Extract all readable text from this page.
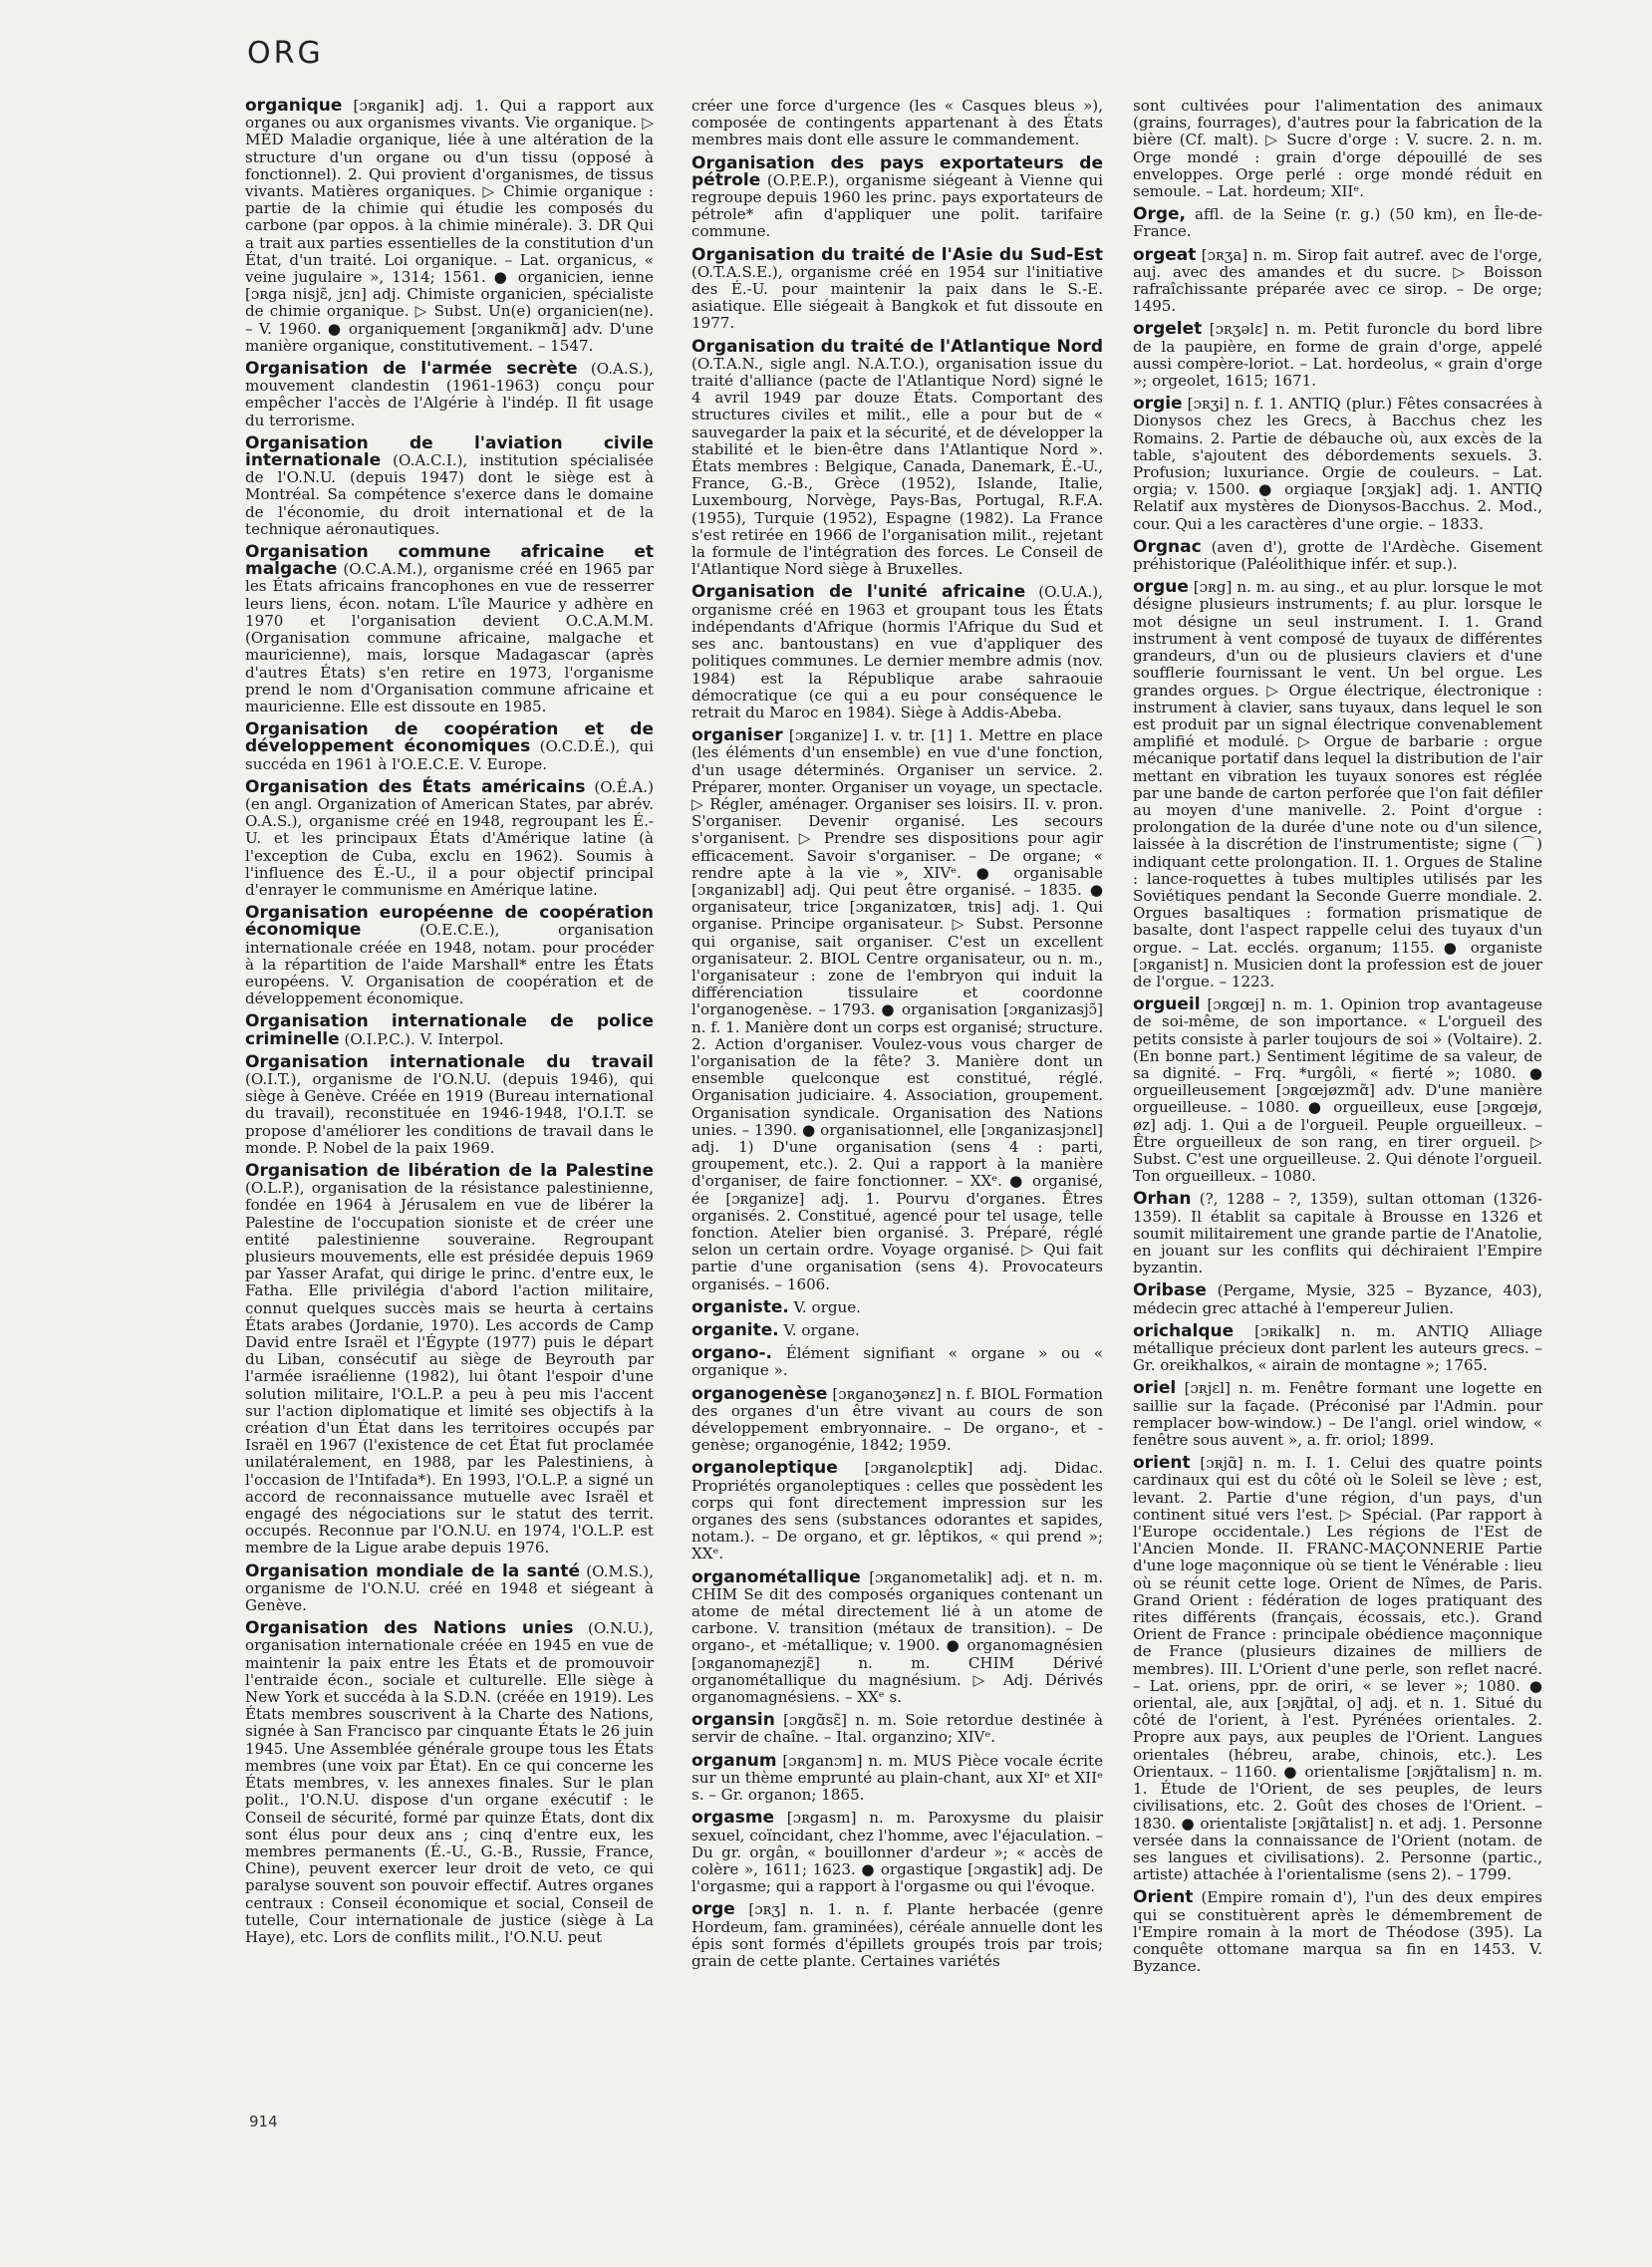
ORG

organique [ɔʀganik] adj. 1. Qui a rapport aux organes ou aux organismes vivants. Vie organique. ▷ MÉD Maladie organique, liée à une altération de la structure d'un organe ou d'un tissu (opposé à fonctionnel). 2. Qui provient d'organismes, de tissus vivants. Matières organiques. ▷ Chimie organique : partie de la chimie qui étudie les composés du carbone (par oppos. à la chimie minérale). 3. DR Qui a trait aux parties essentielles de la constitution d'un État, d'un traité. Loi organique. – Lat. organicus, « veine jugulaire », 1314; 1561. ● organicien, ienne [ɔʀga nisjɛ̃, jɛn] adj. Chimiste organicien, spécialiste de chimie organique. ▷ Subst. Un(e) organicien(ne). – V. 1960. ● organiquement [ɔʀganikmɑ̃] adv. D'une manière organique, constitutivement. – 1547.

Organisation de l'armée secrète (O.A.S.), mouvement clandestin (1961-1963) conçu pour empêcher l'accès de l'Algérie à l'indép. Il fit usage du terrorisme.

Organisation de l'aviation civile internationale (O.A.C.I.), institution spécialisée de l'O.N.U. (depuis 1947) dont le siège est à Montréal. Sa compétence s'exerce dans le domaine de l'économie, du droit international et de la technique aéronautiques.

Organisation commune africaine et malgache (O.C.A.M.), organisme créé en 1965 par les États africains francophones en vue de resserrer leurs liens, écon. notam. L'île Maurice y adhère en 1970 et l'organisation devient O.C.A.M.M. (Organisation commune africaine, malgache et mauricienne), mais, lorsque Madagascar (après d'autres États) s'en retire en 1973, l'organisme prend le nom d'Organisation commune africaine et mauricienne. Elle est dissoute en 1985.

Organisation de coopération et de développement économiques (O.C.D.É.), qui succéda en 1961 à l'O.E.C.E. V. Europe.

Organisation des États américains (O.É.A.) (en angl. Organization of American States, par abrév. O.A.S.), organisme créé en 1948, regroupant les É.-U. et les principaux États d'Amérique latine (à l'exception de Cuba, exclu en 1962). Soumis à l'influence des É.-U., il a pour objectif principal d'enrayer le communisme en Amérique latine.

Organisation européenne de coopération économique (O.E.C.E.), organisation internationale créée en 1948, notam. pour procéder à la répartition de l'aide Marshall* entre les États européens. V. Organisation de coopération et de développement économique.

Organisation internationale de police criminelle (O.I.P.C.). V. Interpol.

Organisation internationale du travail (O.I.T.), organisme de l'O.N.U. (depuis 1946), qui siège à Genève. Créée en 1919 (Bureau international du travail), reconstituée en 1946-1948, l'O.I.T. se propose d'améliorer les conditions de travail dans le monde. P. Nobel de la paix 1969.

Organisation de libération de la Palestine (O.L.P.), organisation de la résistance palestinienne, fondée en 1964 à Jérusalem en vue de libérer la Palestine de l'occupation sioniste et de créer une entité palestinienne souveraine. Regroupant plusieurs mouvements, elle est présidée depuis 1969 par Yasser Arafat, qui dirige le princ. d'entre eux, le Fatha. Elle privilégia d'abord l'action militaire, connut quelques succès mais se heurta à certains États arabes (Jordanie, 1970). Les accords de Camp David entre Israël et l'Égypte (1977) puis le départ du Liban, consécutif au siège de Beyrouth par l'armée israélienne (1982), lui ôtant l'espoir d'une solution militaire, l'O.L.P. a peu à peu mis l'accent sur l'action diplomatique et limité ses objectifs à la création d'un État dans les territoires occupés par Israël en 1967 (l'existence de cet État fut proclamée unilatéralement, en 1988, par les Palestiniens, à l'occasion de l'Intifada*). En 1993, l'O.L.P. a signé un accord de reconnaissance mutuelle avec Israël et engagé des négociations sur le statut des territ. occupés. Reconnue par l'O.N.U. en 1974, l'O.L.P. est membre de la Ligue arabe depuis 1976.

Organisation mondiale de la santé (O.M.S.), organisme de l'O.N.U. créé en 1948 et siégeant à Genève.

Organisation des Nations unies (O.N.U.), organisation internationale créée en 1945 en vue de maintenir la paix entre les États et de promouvoir l'entraide écon., sociale et culturelle. Elle siège à New York et succéda à la S.D.N. (créée en 1919). Les États membres souscrivent à la Charte des Nations, signée à San Francisco par cinquante États le 26 juin 1945. Une Assemblée générale groupe tous les États membres (une voix par État). En ce qui concerne les États membres, v. les annexes finales. Sur le plan polit., l'O.N.U. dispose d'un organe exécutif : le Conseil de sécurité, formé par quinze États, dont dix sont élus pour deux ans ; cinq d'entre eux, les membres permanents (É.-U., G.-B., Russie, France, Chine), peuvent exercer leur droit de veto, ce qui paralyse souvent son pouvoir effectif. Autres organes centraux : Conseil économique et social, Conseil de tutelle, Cour internationale de justice (siège à La Haye), etc. Lors de conflits milit., l'O.N.U. peut

créer une force d'urgence (les « Casques bleus »), composée de contingents appartenant à des États membres mais dont elle assure le commandement.

Organisation des pays exportateurs de pétrole (O.P.E.P.), organisme siégeant à Vienne qui regroupe depuis 1960 les princ. pays exportateurs de pétrole* afin d'appliquer une polit. tarifaire commune.

Organisation du traité de l'Asie du Sud-Est (O.T.A.S.E.), organisme créé en 1954 sur l'initiative des É.-U. pour maintenir la paix dans le S.-E. asiatique. Elle siégeait à Bangkok et fut dissoute en 1977.

Organisation du traité de l'Atlantique Nord (O.T.A.N., sigle angl. N.A.T.O.), organisation issue du traité d'alliance (pacte de l'Atlantique Nord) signé le 4 avril 1949 par douze États. Comportant des structures civiles et milit., elle a pour but de « sauvegarder la paix et la sécurité, et de développer la stabilité et le bien-être dans l'Atlantique Nord ». États membres : Belgique, Canada, Danemark, É.-U., France, G.-B., Grèce (1952), Islande, Italie, Luxembourg, Norvège, Pays-Bas, Portugal, R.F.A. (1955), Turquie (1952), Espagne (1982). La France s'est retirée en 1966 de l'organisation milit., rejetant la formule de l'intégration des forces. Le Conseil de l'Atlantique Nord siège à Bruxelles.

Organisation de l'unité africaine (O.U.A.), organisme créé en 1963 et groupant tous les États indépendants d'Afrique (hormis l'Afrique du Sud et ses anc. bantoustans) en vue d'appliquer des politiques communes. Le dernier membre admis (nov. 1984) est la République arabe sahraouie démocratique (ce qui a eu pour conséquence le retrait du Maroc en 1984). Siège à Addis-Abeba.

organiser [ɔʀganize] I. v. tr. [1] 1. Mettre en place (les éléments d'un ensemble) en vue d'une fonction, d'un usage déterminés. Organiser un service. 2. Préparer, monter. Organiser un voyage, un spectacle. ▷ Régler, aménager. Organiser ses loisirs. II. v. pron. S'organiser. Devenir organisé. Les secours s'organisent. ▷ Prendre ses dispositions pour agir efficacement. Savoir s'organiser. – De organe; « rendre apte à la vie », XIVᵉ. ● organisable [ɔʀganizabl] adj. Qui peut être organisé. – 1835. ● organisateur, trice [ɔʀganizatœʀ, tʀis] adj. 1. Qui organise. Principe organisateur. ▷ Subst. Personne qui organise, sait organiser. C'est un excellent organisateur. 2. BIOL Centre organisateur, ou n. m., l'organisateur : zone de l'embryon qui induit la différenciation tissulaire et coordonne l'organogenèse. – 1793. ● organisation [ɔʀganizasjɔ̃] n. f. 1. Manière dont un corps est organisé; structure. 2. Action d'organiser. Voulez-vous vous charger de l'organisation de la fête? 3. Manière dont un ensemble quelconque est constitué, réglé. Organisation judiciaire. 4. Association, groupement. Organisation syndicale. Organisation des Nations unies. – 1390. ● organisationnel, elle [ɔʀganizasjɔnɛl] adj. 1) D'une organisation (sens 4 : parti, groupement, etc.). 2. Qui a rapport à la manière d'organiser, de faire fonctionner. – XXᵉ. ● organisé, ée [ɔʀganize] adj. 1. Pourvu d'organes. Êtres organisés. 2. Constitué, agencé pour tel usage, telle fonction. Atelier bien organisé. 3. Préparé, réglé selon un certain ordre. Voyage organisé. ▷ Qui fait partie d'une organisation (sens 4). Provocateurs organisés. – 1606.

organiste. V. orgue.

organite. V. organe.

organo-. Élément signifiant « organe » ou « organique ».

organogenèse [ɔʀganoʒənɛz] n. f. BIOL Formation des organes d'un être vivant au cours de son développement embryonnaire. – De organo-, et -genèse; organogénie, 1842; 1959.

organoleptique [ɔʀganolɛptik] adj. Didac. Propriétés organoleptiques : celles que possèdent les corps qui font directement impression sur les organes des sens (substances odorantes et sapides, notam.). – De organo, et gr. lêptikos, « qui prend »; XXᵉ.

organométallique [ɔʀganometalik] adj. et n. m. CHIM Se dit des composés organiques contenant un atome de métal directement lié à un atome de carbone. V. transition (métaux de transition). – De organo-, et -métallique; v. 1900. ● organomagnésien [ɔʀganomaɲezjɛ̃] n. m. CHIM Dérivé organométallique du magnésium. ▷ Adj. Dérivés organomagnésiens. – XXᵉ s.

organsin [ɔʀgɑ̃sɛ̃] n. m. Soie retordue destinée à servir de chaîne. – Ital. organzino; XIVᵉ.

organum [ɔʀganɔm] n. m. MUS Pièce vocale écrite sur un thème emprunté au plain-chant, aux XIᵉ et XIIᵉ s. – Gr. organon; 1865.

orgasme [ɔʀgasm] n. m. Paroxysme du plaisir sexuel, coïncidant, chez l'homme, avec l'éjaculation. – Du gr. orgân, « bouillonner d'ardeur »; « accès de colère », 1611; 1623. ● orgastique [ɔʀgastik] adj. De l'orgasme; qui a rapport à l'orgasme ou qui l'évoque.

orge [ɔʀʒ] n. 1. n. f. Plante herbacée (genre Hordeum, fam. graminées), céréale annuelle dont les épis sont formés d'épillets groupés trois par trois; grain de cette plante. Certaines variétés

sont cultivées pour l'alimentation des animaux (grains, fourrages), d'autres pour la fabrication de la bière (Cf. malt). ▷ Sucre d'orge : V. sucre. 2. n. m. Orge mondé : grain d'orge dépouillé de ses enveloppes. Orge perlé : orge mondé réduit en semoule. – Lat. hordeum; XIIᵉ.

Orge, affl. de la Seine (r. g.) (50 km), en Île-de-France.

orgeat [ɔʀʒa] n. m. Sirop fait autref. avec de l'orge, auj. avec des amandes et du sucre. ▷ Boisson rafraîchissante préparée avec ce sirop. – De orge; 1495.

orgelet [ɔʀʒəlɛ] n. m. Petit furoncle du bord libre de la paupière, en forme de grain d'orge, appelé aussi compère-loriot. – Lat. hordeolus, « grain d'orge »; orgeolet, 1615; 1671.

orgie [ɔʀʒi] n. f. 1. ANTIQ (plur.) Fêtes consacrées à Dionysos chez les Grecs, à Bacchus chez les Romains. 2. Partie de débauche où, aux excès de la table, s'ajoutent des débordements sexuels. 3. Profusion; luxuriance. Orgie de couleurs. – Lat. orgia; v. 1500. ● orgiaque [ɔʀʒjak] adj. 1. ANTIQ Relatif aux mystères de Dionysos-Bacchus. 2. Mod., cour. Qui a les caractères d'une orgie. – 1833.

Orgnac (aven d'), grotte de l'Ardèche. Gisement préhistorique (Paléolithique infér. et sup.).

orgue [ɔʀg] n. m. au sing., et au plur. lorsque le mot désigne plusieurs instruments; f. au plur. lorsque le mot désigne un seul instrument. I. 1. Grand instrument à vent composé de tuyaux de différentes grandeurs, d'un ou de plusieurs claviers et d'une soufflerie fournissant le vent. Un bel orgue. Les grandes orgues. ▷ Orgue électrique, électronique : instrument à clavier, sans tuyaux, dans lequel le son est produit par un signal électrique convenablement amplifié et modulé. ▷ Orgue de barbarie : orgue mécanique portatif dans lequel la distribution de l'air mettant en vibration les tuyaux sonores est réglée par une bande de carton perforée que l'on fait défiler au moyen d'une manivelle. 2. Point d'orgue : prolongation de la durée d'une note ou d'un silence, laissée à la discrétion de l'instrumentiste; signe (⌒) indiquant cette prolongation. II. 1. Orgues de Staline : lance-roquettes à tubes multiples utilisés par les Soviétiques pendant la Seconde Guerre mondiale. 2. Orgues basaltiques : formation prismatique de basalte, dont l'aspect rappelle celui des tuyaux d'un orgue. – Lat. ecclés. organum; 1155. ● organiste [ɔʀganist] n. Musicien dont la profession est de jouer de l'orgue. – 1223.

orgueil [ɔʀgœj] n. m. 1. Opinion trop avantageuse de soi-même, de son importance. « L'orgueil des petits consiste à parler toujours de soi » (Voltaire). 2. (En bonne part.) Sentiment légitime de sa valeur, de sa dignité. – Frq. *urgôli, « fierté »; 1080. ● orgueilleusement [ɔʀgœjøzmɑ̃] adv. D'une manière orgueilleuse. – 1080. ● orgueilleux, euse [ɔʀgœjø, øz] adj. 1. Qui a de l'orgueil. Peuple orgueilleux. – Être orgueilleux de son rang, en tirer orgueil. ▷ Subst. C'est une orgueilleuse. 2. Qui dénote l'orgueil. Ton orgueilleux. – 1080.

Orhan (?, 1288 – ?, 1359), sultan ottoman (1326-1359). Il établit sa capitale à Brousse en 1326 et soumit militairement une grande partie de l'Anatolie, en jouant sur les conflits qui déchiraient l'Empire byzantin.

Oribase (Pergame, Mysie, 325 – Byzance, 403), médecin grec attaché à l'empereur Julien.

orichalque [ɔʀikalk] n. m. ANTIQ Alliage métallique précieux dont parlent les auteurs grecs. – Gr. oreikhalkos, « airain de montagne »; 1765.

oriel [ɔʀjɛl] n. m. Fenêtre formant une logette en saillie sur la façade. (Préconisé par l'Admin. pour remplacer bow-window.) – De l'angl. oriel window, « fenêtre sous auvent », a. fr. oriol; 1899.

orient [ɔʀjɑ̃] n. m. I. 1. Celui des quatre points cardinaux qui est du côté où le Soleil se lève ; est, levant. 2. Partie d'une région, d'un pays, d'un continent situé vers l'est. ▷ Spécial. (Par rapport à l'Europe occidentale.) Les régions de l'Est de l'Ancien Monde. II. FRANC-MAÇONNERIE Partie d'une loge maçonnique où se tient le Vénérable : lieu où se réunit cette loge. Orient de Nîmes, de Paris. Grand Orient : fédération de loges pratiquant des rites différents (français, écossais, etc.). Grand Orient de France : principale obédience maçonnique de France (plusieurs dizaines de milliers de membres). III. L'Orient d'une perle, son reflet nacré. – Lat. oriens, ppr. de oriri, « se lever »; 1080. ● oriental, ale, aux [ɔʀjɑ̃tal, o] adj. et n. 1. Situé du côté de l'orient, à l'est. Pyrénées orientales. 2. Propre aux pays, aux peuples de l'Orient. Langues orientales (hébreu, arabe, chinois, etc.). Les Orientaux. – 1160. ● orientalisme [ɔʀjɑ̃talism] n. m. 1. Étude de l'Orient, de ses peuples, de leurs civilisations, etc. 2. Goût des choses de l'Orient. – 1830. ● orientaliste [ɔʀjɑ̃talist] n. et adj. 1. Personne versée dans la connaissance de l'Orient (notam. de ses langues et civilisations). 2. Personne (partic., artiste) attachée à l'orientalisme (sens 2). – 1799.

Orient (Empire romain d'), l'un des deux empires qui se constituèrent après le démembrement de l'Empire romain à la mort de Théodose (395). La conquête ottomane marqua sa fin en 1453. V. Byzance.

914
